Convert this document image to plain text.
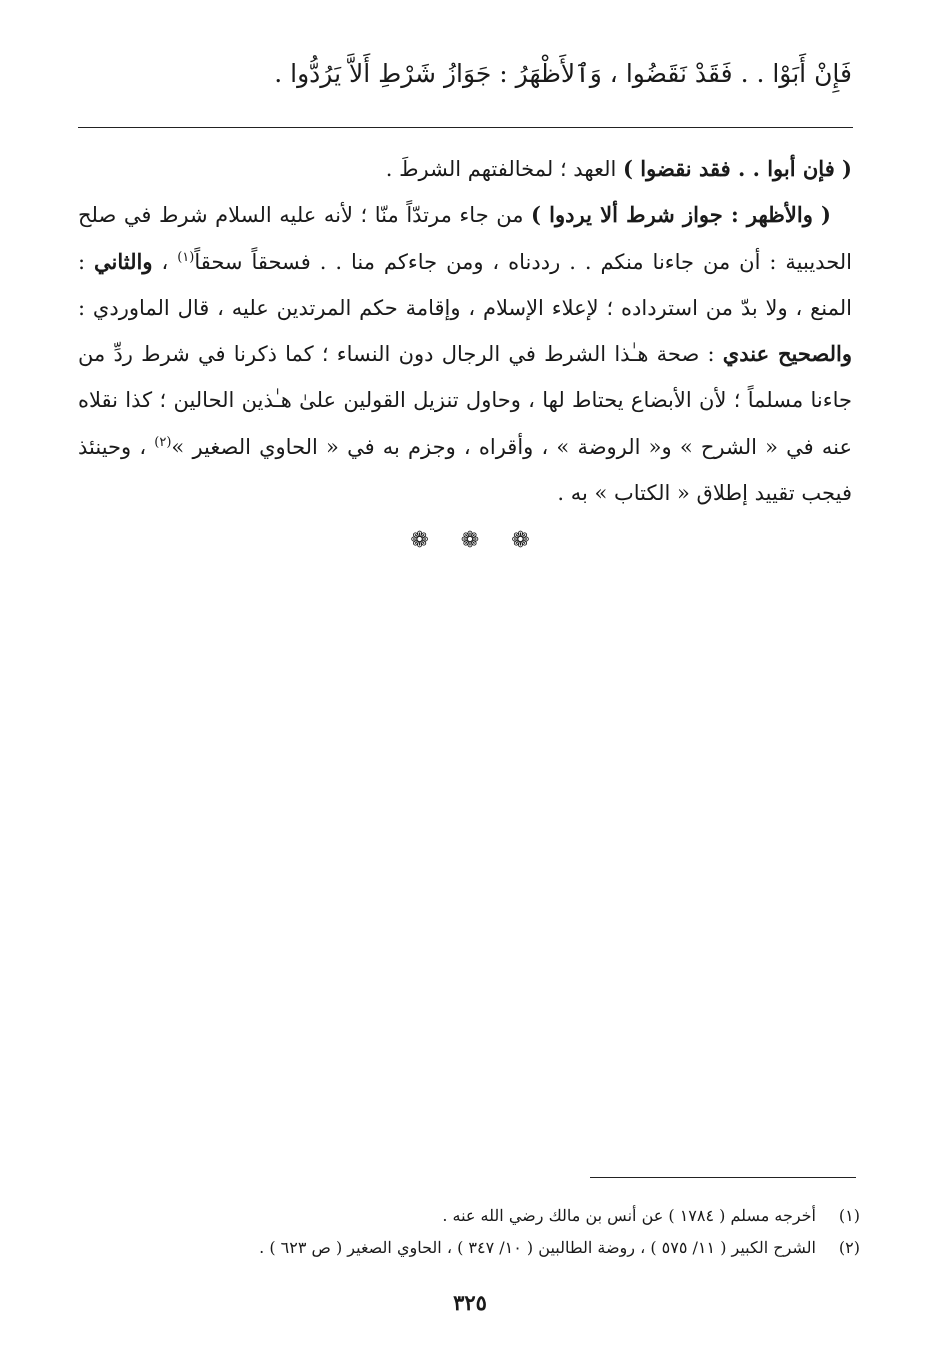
فَإِنْ أَبَوْا . . فَقَدْ نَقَضُوا ، وَٱلأَظْهَرُ : جَوَازُ شَرْطِ أَلاَّ يَرُدُّوا .

( فإن أبوا . . فقد نقضوا ) العهد ؛ لمخالفتهم الشرطَ .

 ( والأظهر : جواز شرط ألا يردوا ) من جاء مرتدّاً منّا ؛ لأنه عليه السلام شرط في صلح الحديبية : أن من جاءنا منكم . . رددناه ، ومن جاءكم منا . . فسحقاً سحقاً$^{(١)}$ ، والثاني : المنع ، ولا بدّ من استرداده ؛ لإعلاء الإسلام ، وإقامة حكم المرتدين عليه ، قال الماوردي : والصحيح عندي : صحة هـٰذا الشرط في الرجال دون النساء ؛ كما ذكرنا في شرط ردِّ من جاءنا مسلماً ؛ لأن الأبضاع يحتاط لها ، وحاول تنزيل القولين علىٰ هـٰذين الحالين ؛ كذا نقلاه عنه في « الشرح » و« الروضة » ، وأقراه ، وجزم به في « الحاوي الصغير »$^{(٢)}$ ، وحينئذ فيجب تقييد إطلاق « الكتاب » به .

❁ ❁ ❁
(١)أخرجه مسلم ( ١٧٨٤ ) عن أنس بن مالك رضي الله عنه .
(٢)الشرح الكبير ( ١١/ ٥٧٥ ) ، روضة الطالبين ( ١٠/ ٣٤٧ ) ، الحاوي الصغير ( ص ٦٢٣ ) .
٣٢٥
